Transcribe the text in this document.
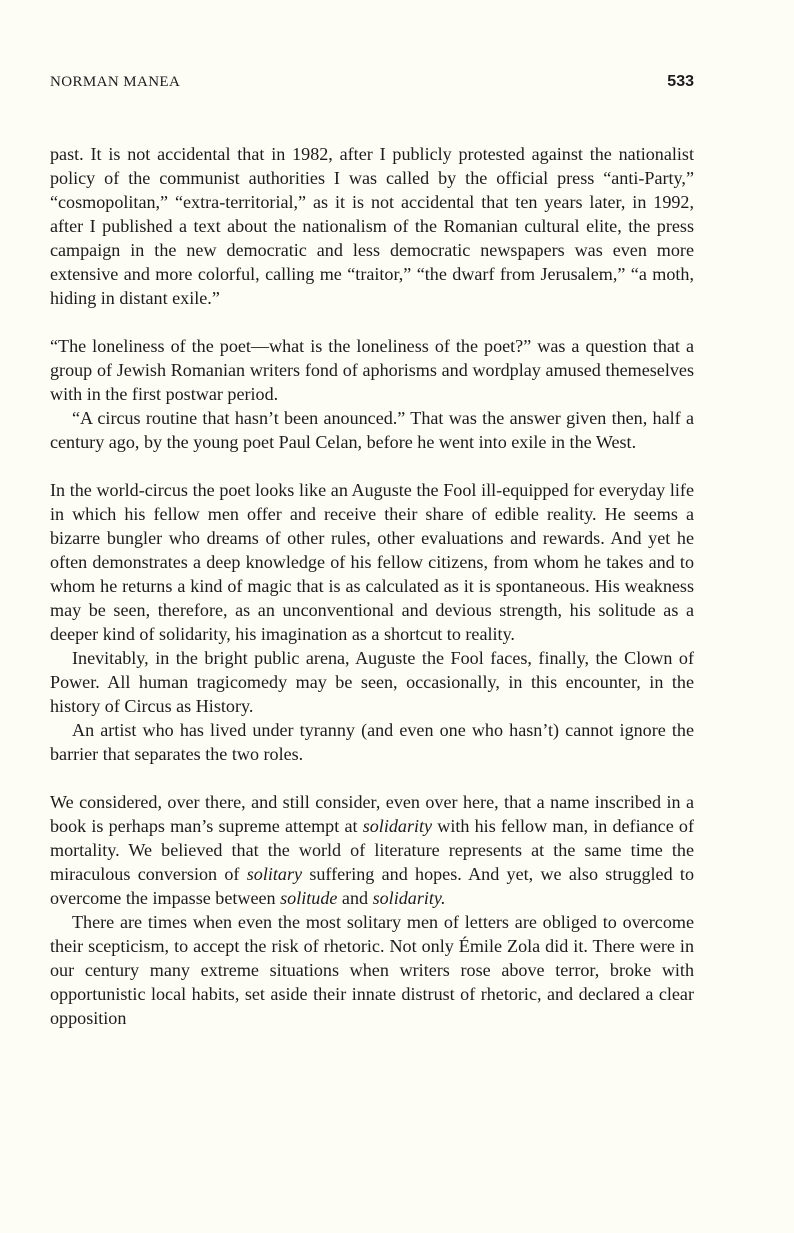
NORMAN MANEA	533

past. It is not accidental that in 1982, after I publicly protested against the nationalist policy of the communist authorities I was called by the official press “anti-Party,” “cosmopolitan,” “extra-territorial,” as it is not accidental that ten years later, in 1992, after I published a text about the nationalism of the Romanian cultural elite, the press campaign in the new democratic and less democratic newspapers was even more extensive and more colorful, calling me “traitor,” “the dwarf from Jerusalem,” “a moth, hiding in distant exile.”

“The loneliness of the poet—what is the loneliness of the poet?” was a question that a group of Jewish Romanian writers fond of aphorisms and wordplay amused themeselves with in the first postwar period.

“A circus routine that hasn’t been anounced.” That was the answer given then, half a century ago, by the young poet Paul Celan, before he went into exile in the West.

In the world-circus the poet looks like an Auguste the Fool ill-equipped for everyday life in which his fellow men offer and receive their share of edible reality. He seems a bizarre bungler who dreams of other rules, other evaluations and rewards. And yet he often demonstrates a deep knowledge of his fellow citizens, from whom he takes and to whom he returns a kind of magic that is as calculated as it is spontaneous. His weakness may be seen, therefore, as an unconventional and devious strength, his solitude as a deeper kind of solidarity, his imagination as a shortcut to reality.

Inevitably, in the bright public arena, Auguste the Fool faces, finally, the Clown of Power. All human tragicomedy may be seen, occasionally, in this encounter, in the history of Circus as History.

An artist who has lived under tyranny (and even one who hasn’t) cannot ignore the barrier that separates the two roles.

We considered, over there, and still consider, even over here, that a name inscribed in a book is perhaps man’s supreme attempt at solidarity with his fellow man, in defiance of mortality. We believed that the world of literature represents at the same time the miraculous conversion of solitary suffering and hopes. And yet, we also struggled to overcome the impasse between solitude and solidarity.

There are times when even the most solitary men of letters are obliged to overcome their scepticism, to accept the risk of rhetoric. Not only Émile Zola did it. There were in our century many extreme situations when writers rose above terror, broke with opportunistic local habits, set aside their innate distrust of rhetoric, and declared a clear opposition
